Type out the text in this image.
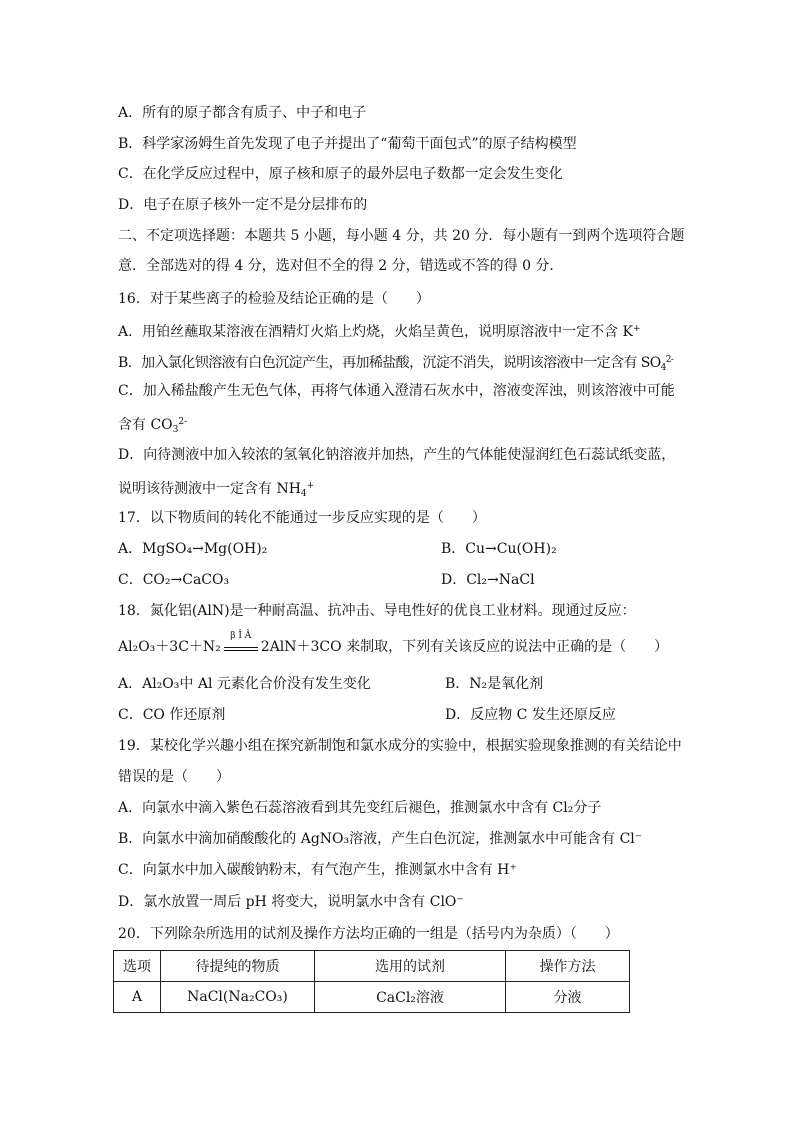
A．所有的原子都含有质子、中子和电子
B．科学家汤姆生首先发现了电子并提出了“葡萄干面包式”的原子结构模型
C．在化学反应过程中，原子核和原子的最外层电子数都一定会发生变化
D．电子在原子核外一定不是分层排布的
二、不定项选择题：本题共 5 小题，每小题 4 分，共 20 分．每小题有一到两个选项符合题
意．全部选对的得 4 分，选对但不全的得 2 分，错选或不答的得 0 分．
16．对于某些离子的检验及结论正确的是（　　）
A．用铂丝蘸取某溶液在酒精灯火焰上灼烧，火焰呈黄色，说明原溶液中一定不含 K+
B．加入氯化钡溶液有白色沉淀产生，再加稀盐酸，沉淀不消失，说明该溶液中一定含有 $SO_4^{2-}$
C．加入稀盐酸产生无色气体，再将气体通入澄清石灰水中，溶液变浑浊，则该溶液中可能
含有 $CO_3^{2-}$
D．向待测液中加入较浓的氢氧化钠溶液并加热，产生的气体能使湿润红色石蕊试纸变蓝，
说明该待测液中一定含有 $NH_4^+$
17．以下物质间的转化不能通过一步反应实现的是（　　）
A．MgSO₄→Mg(OH)₂	B．Cu→Cu(OH)₂
C．CO₂→CaCO₃	D．Cl₂→NaCl
18．氮化铝(AlN)是一种耐高温、抗冲击、导电性好的优良工业材料。现通过反应：
Al₂O₃＋3C＋N₂
β Î Â
2AlN＋3CO 来制取，下列有关该反应的说法中正确的是（　　）
A．Al₂O₃中 Al 元素化合价没有发生变化	B．N₂是氧化剂
C．CO 作还原剂	D．反应物 C 发生还原反应
19．某校化学兴趣小组在探究新制饱和氯水成分的实验中，根据实验现象推测的有关结论中
错误的是（　　）
A．向氯水中滴入紫色石蕊溶液看到其先变红后褪色，推测氯水中含有 Cl₂分子
B．向氯水中滴加硝酸酸化的 AgNO₃溶液，产生白色沉淀，推测氯水中可能含有 Cl⁻
C．向氯水中加入碳酸钠粉末，有气泡产生，推测氯水中含有 H⁺
D．氯水放置一周后 pH 将变大，说明氯水中含有 ClO⁻
20．下列除杂所选用的试剂及操作方法均正确的一组是（括号内为杂质）（　　）
选项	待提纯的物质	选用的试剂	操作方法
A	NaCl(Na₂CO₃)	CaCl₂溶液	分液
